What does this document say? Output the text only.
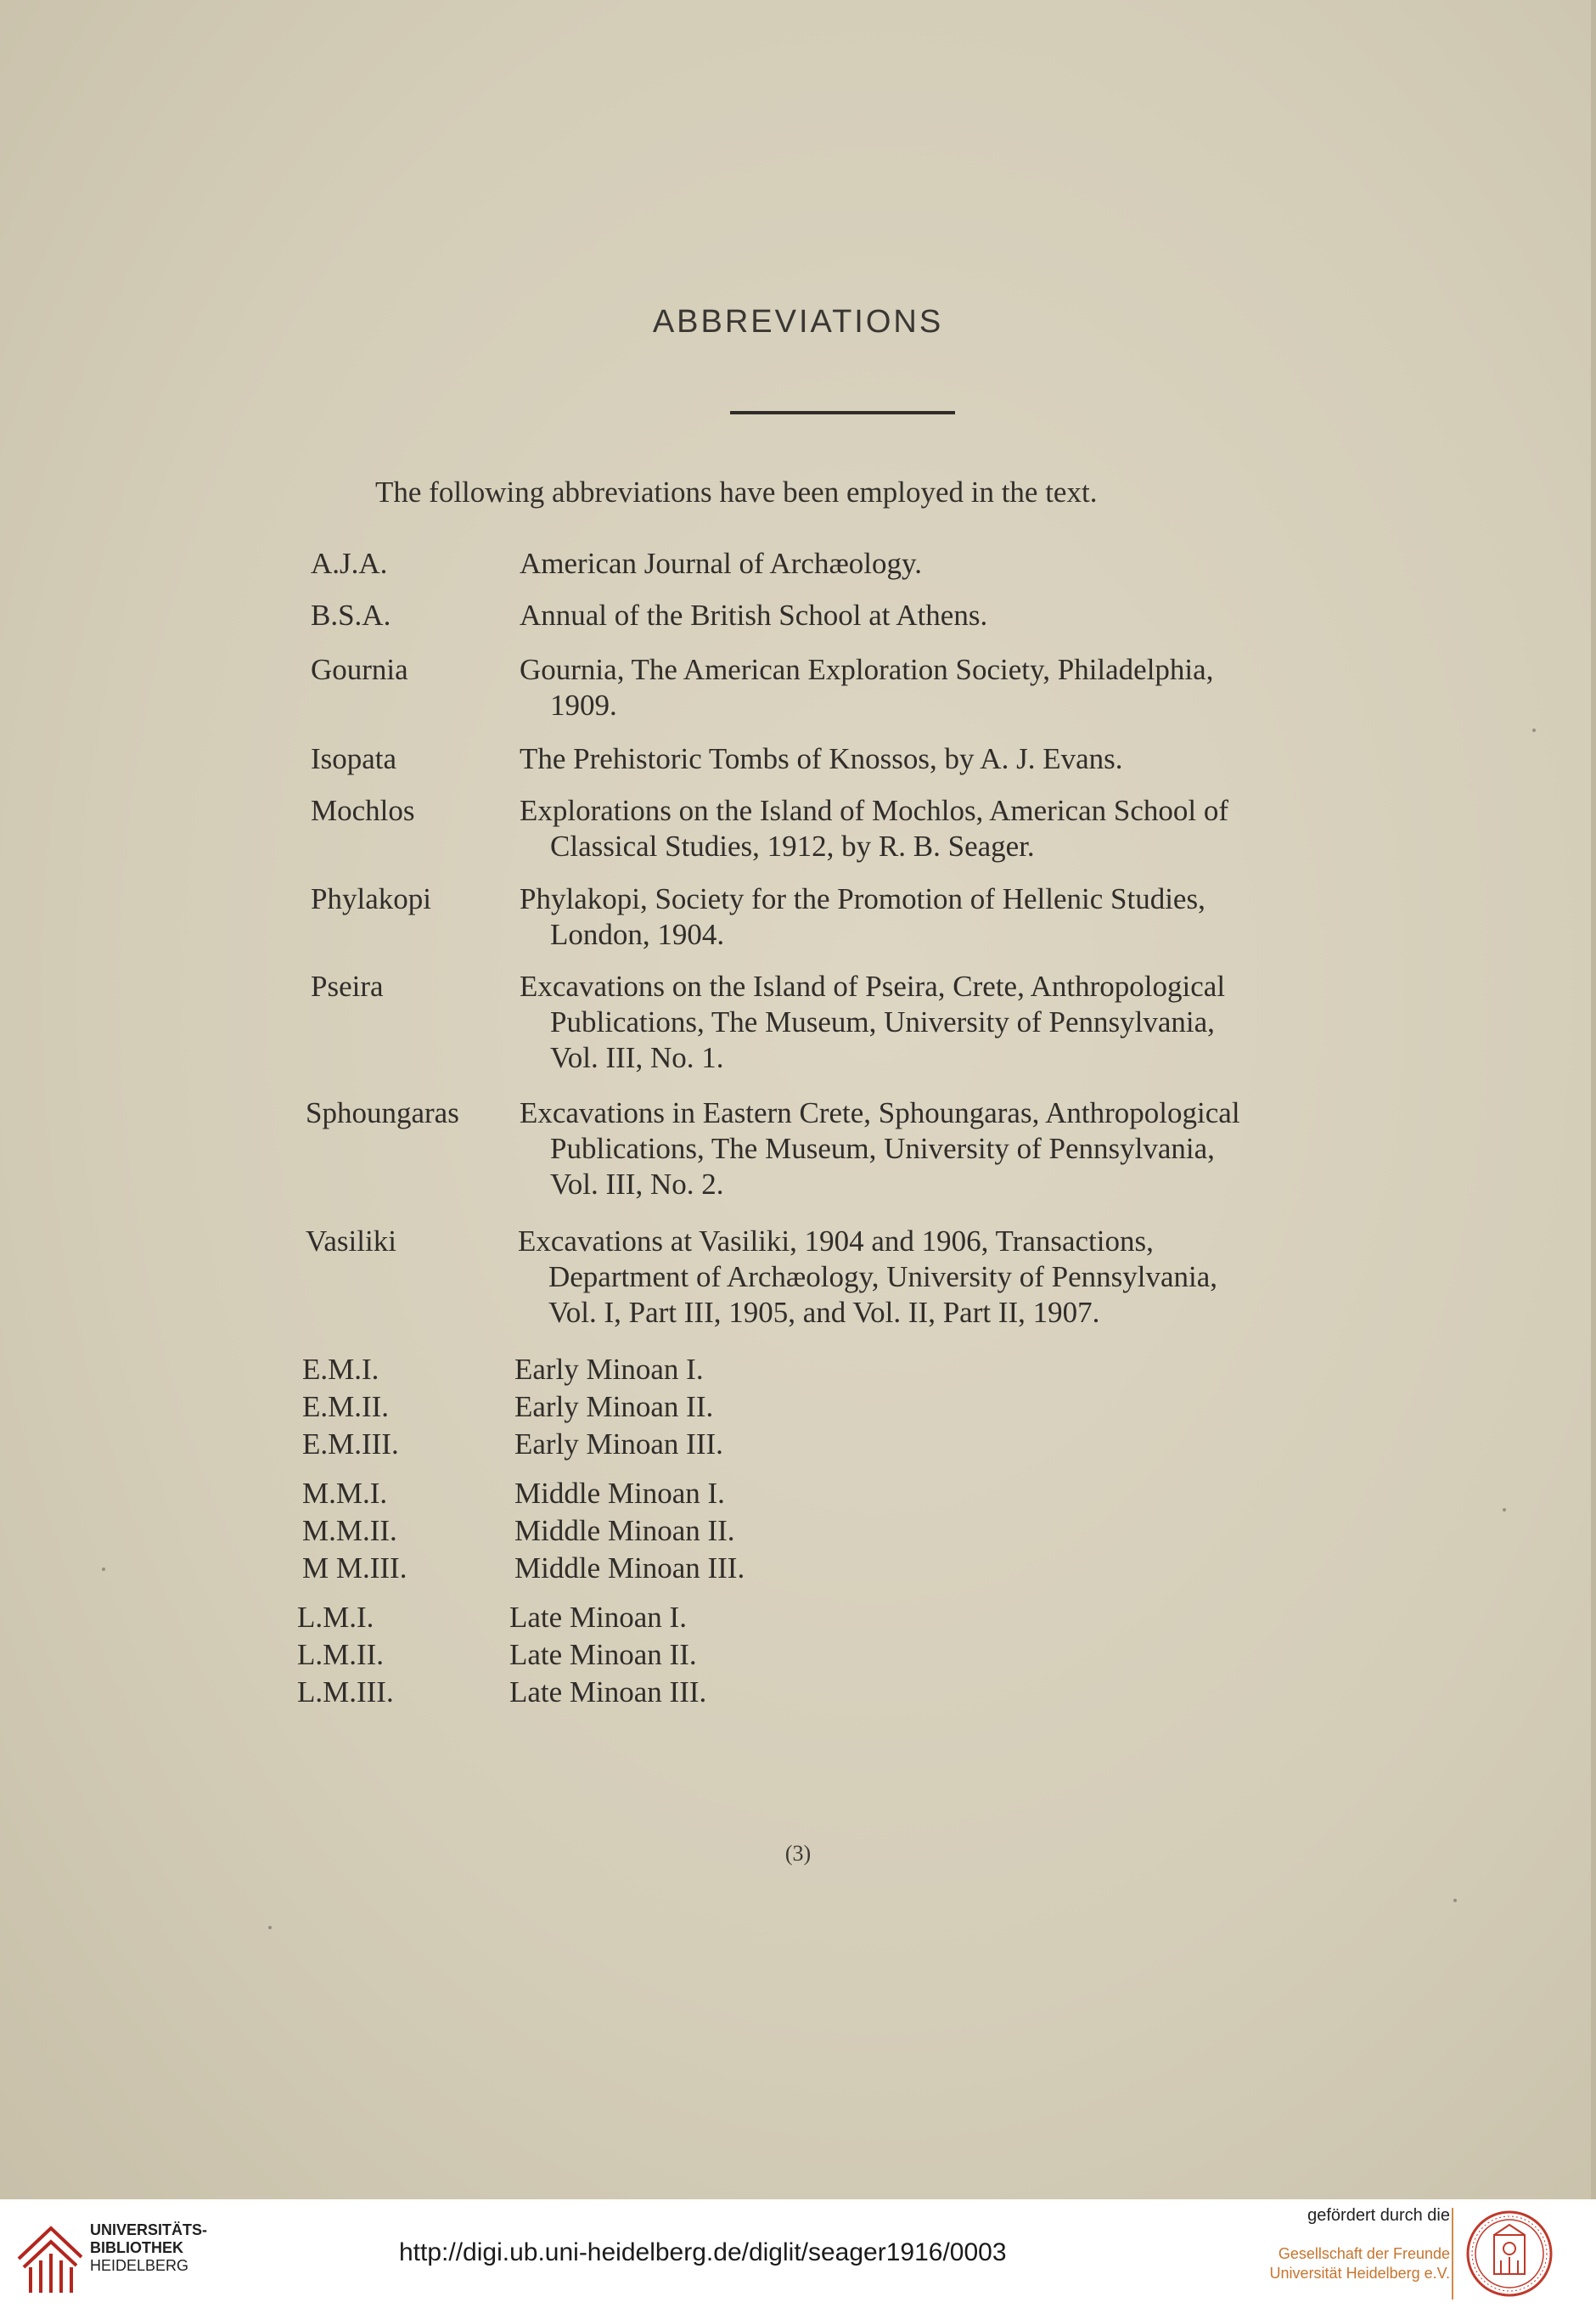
ABBREVIATIONS
The following abbreviations have been employed in the text.
A.J.A.	American Journal of Archæology.
B.S.A.	Annual of the British School at Athens.
Gournia	Gournia, The American Exploration Society, Philadelphia,
1909.
Isopata	The Prehistoric Tombs of Knossos, by A. J. Evans.
Mochlos	Explorations on the Island of Mochlos, American School of
Classical Studies, 1912, by R. B. Seager.
Phylakopi	Phylakopi, Society for the Promotion of Hellenic Studies,
London, 1904.
Pseira	Excavations on the Island of Pseira, Crete, Anthropological
Publications, The Museum, University of Pennsylvania,
Vol. III, No. 1.
Sphoungaras Excavations in Eastern Crete, Sphoungaras, Anthropological
Publications, The Museum, University of Pennsylvania,
Vol. III, No. 2.
Vasiliki	Excavations at Vasiliki, 1904 and 1906, Transactions,
Department of Archæology, University of Pennsylvania,
Vol. I, Part III, 1905, and Vol. II, Part II, 1907.
E.M.I.	Early Minoan I.
E.M.II.	Early Minoan II.
E.M.III.	Early Minoan III.
M.M.I.	Middle Minoan I.
M.M.II.	Middle Minoan II.
M M.III.	Middle Minoan III.
L.M.I.	Late Minoan I.
L.M.II.	Late Minoan II.
L.M.III.	Late Minoan III.
(3)
UNIVERSITÄTS-
BIBLIOTHEK
HEIDELBERG	http://digi.ub.uni-heidelberg.de/diglit/seager1916/0003
gefördert durch die
Gesellschaft der Freunde
Universität Heidelberg e.V.
